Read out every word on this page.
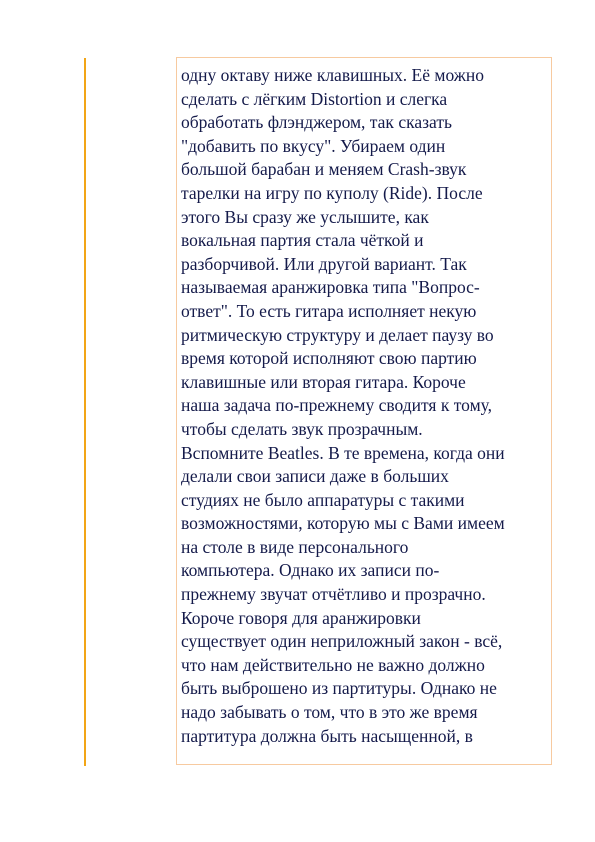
одну октаву ниже клавишных. Её можно
сделать с лёгким Distortion и слегка
обработать флэнджером, так сказать
"добавить по вкусу". Убираем один
большой барабан и меняем Crash-звук
тарелки на игру по куполу (Ride). После
этого Вы сразу же услышите, как
вокальная партия стала чёткой и
разборчивой. Или другой вариант. Так
называемая аранжировка типа "Вопрос-
ответ". То есть гитара исполняет некую
ритмическую структуру и делает паузу во
время которой исполняют свою партию
клавишные или вторая гитара. Короче
наша задача по-прежнему сводитя к тому,
чтобы сделать звук прозрачным.
Вспомните Beatles. В те времена, когда они
делали свои записи даже в больших
студиях не было аппаратуры с такими
возможностями, которую мы с Вами имеем
на столе в виде персонального
компьютера. Однако их записи по-
прежнему звучат отчётливо и прозрачно.
Короче говоря для аранжировки
существует один неприложный закон - всё,
что нам действительно не важно должно
быть выброшено из партитуры. Однако не
надо забывать о том, что в это же время
партитура должна быть насыщенной, в
